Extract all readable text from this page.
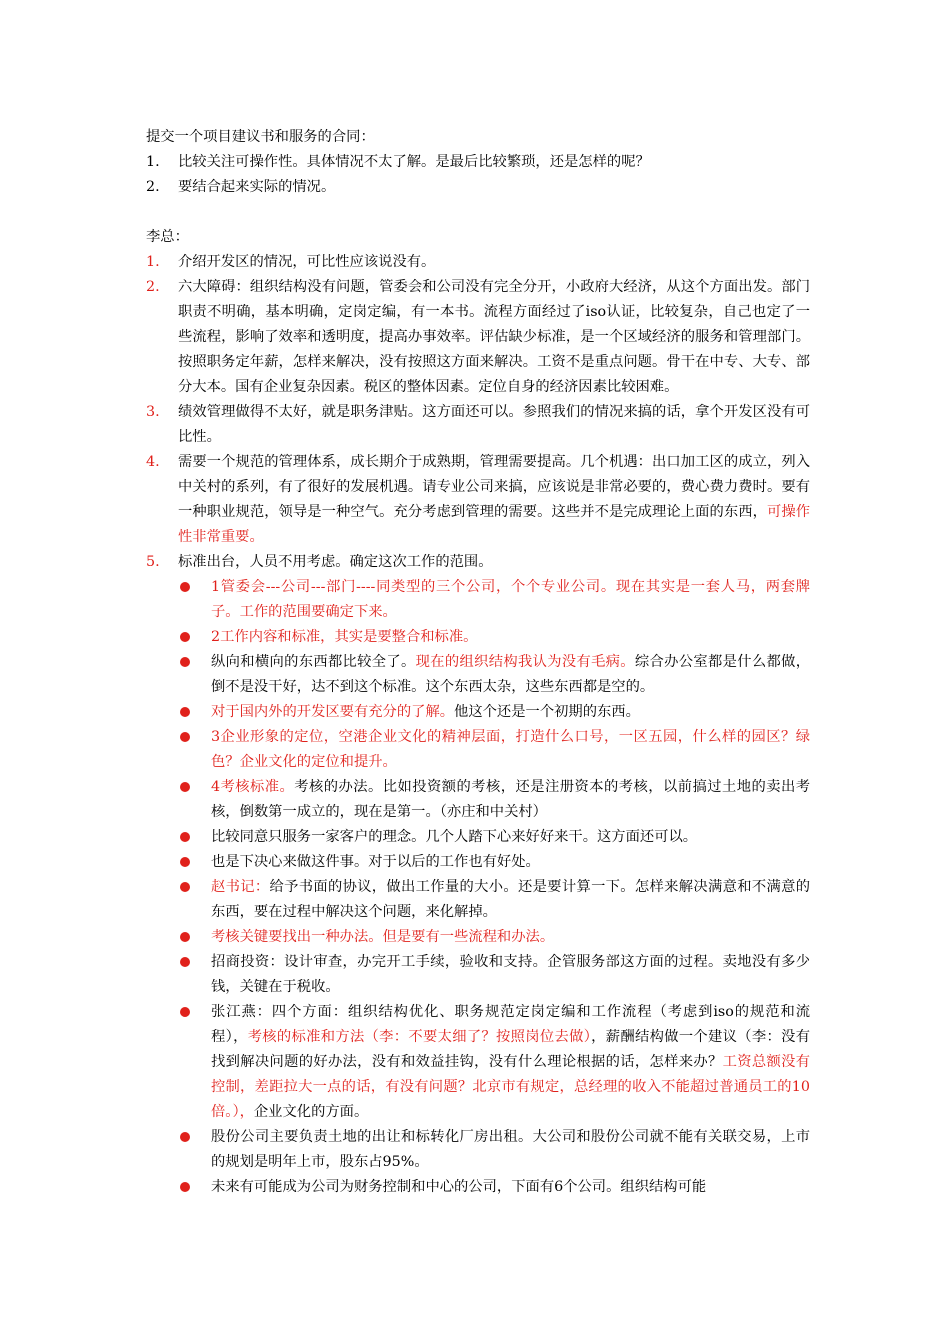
提交一个项目建议书和服务的合同：
1. 比较关注可操作性。具体情况不太了解。是最后比较繁琐，还是怎样的呢？
2. 要结合起来实际的情况。
李总：
1. 介绍开发区的情况，可比性应该说没有。
2. 六大障碍：组织结构没有问题，管委会和公司没有完全分开，小政府大经济，从这个方面出发。部门职责不明确，基本明确，定岗定编，有一本书。流程方面经过了iso认证，比较复杂，自己也定了一些流程，影响了效率和透明度，提高办事效率。评估缺少标准，是一个区域经济的服务和管理部门。按照职务定年薪，怎样来解决，没有按照这方面来解决。工资不是重点问题。骨干在中专、大专、部分大本。国有企业复杂因素。税区的整体因素。定位自身的经济因素比较困难。
3. 绩效管理做得不太好，就是职务津贴。这方面还可以。参照我们的情况来搞的话，拿个开发区没有可比性。
4. 需要一个规范的管理体系，成长期介于成熟期，管理需要提高。几个机遇：出口加工区的成立，列入中关村的系列，有了很好的发展机遇。请专业公司来搞，应该说是非常必要的，费心费力费时。要有一种职业规范，领导是一种空气。充分考虑到管理的需要。这些并不是完成理论上面的东西，可操作性非常重要。
5. 标准出台，人员不用考虑。确定这次工作的范围。
1管委会---公司---部门----同类型的三个公司，个个专业公司。现在其实是一套人马，两套牌子。工作的范围要确定下来。
2工作内容和标准，其实是要整合和标准。
纵向和横向的东西都比较全了。现在的组织结构我认为没有毛病。综合办公室都是什么都做，倒不是没干好，达不到这个标准。这个东西太杂，这些东西都是空的。
对于国内外的开发区要有充分的了解。他这个还是一个初期的东西。
3企业形象的定位，空港企业文化的精神层面，打造什么口号，一区五园，什么样的园区？绿色？企业文化的定位和提升。
4考核标准。考核的办法。比如投资额的考核，还是注册资本的考核，以前搞过土地的卖出考核，倒数第一成立的，现在是第一。（亦庄和中关村）
比较同意只服务一家客户的理念。几个人踏下心来好好来干。这方面还可以。
也是下决心来做这件事。对于以后的工作也有好处。
赵书记：给予书面的协议，做出工作量的大小。还是要计算一下。怎样来解决满意和不满意的东西，要在过程中解决这个问题，来化解掉。
考核关键要找出一种办法。但是要有一些流程和办法。
招商投资：设计审查，办完开工手续，验收和支持。企管服务部这方面的过程。卖地没有多少钱，关键在于税收。
张江燕：四个方面：组织结构优化、职务规范定岗定编和工作流程（考虑到iso的规范和流程），考核的标准和方法（李：不要太细了？按照岗位去做），薪酬结构做一个建议（李：没有找到解决问题的好办法，没有和效益挂钩，没有什么理论根据的话，怎样来办？工资总额没有控制，差距拉大一点的话，有没有问题？北京市有规定，总经理的收入不能超过普通员工的10倍。），企业文化的方面。
股份公司主要负责土地的出让和标转化厂房出租。大公司和股份公司就不能有关联交易，上市的规划是明年上市，股东占95%。
未来有可能成为公司为财务控制和中心的公司，下面有6个公司。组织结构可能
